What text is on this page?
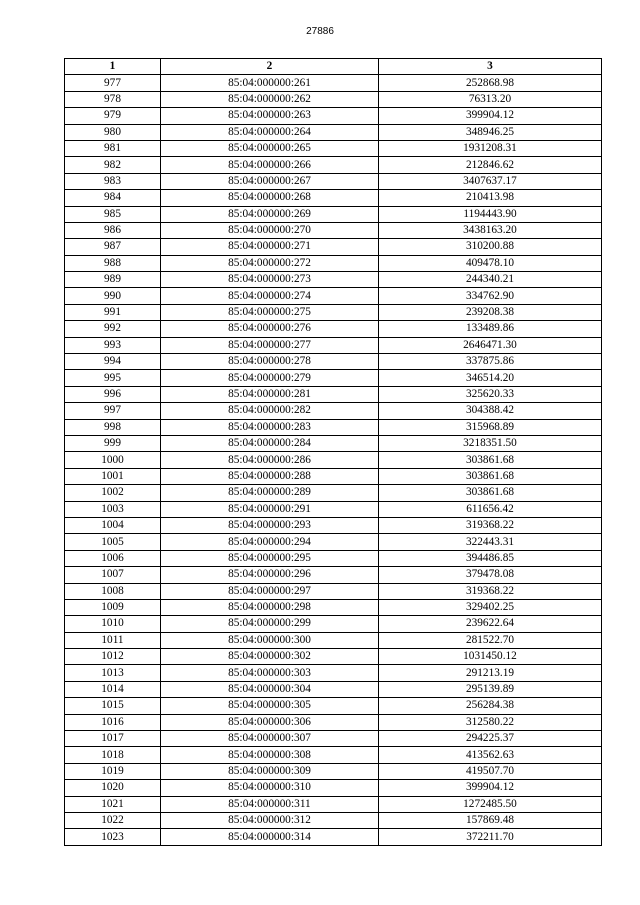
27886
1	2	3
977	85:04:000000:261	252868.98
978	85:04:000000:262	76313.20
979	85:04:000000:263	399904.12
980	85:04:000000:264	348946.25
981	85:04:000000:265	1931208.31
982	85:04:000000:266	212846.62
983	85:04:000000:267	3407637.17
984	85:04:000000:268	210413.98
985	85:04:000000:269	1194443.90
986	85:04:000000:270	3438163.20
987	85:04:000000:271	310200.88
988	85:04:000000:272	409478.10
989	85:04:000000:273	244340.21
990	85:04:000000:274	334762.90
991	85:04:000000:275	239208.38
992	85:04:000000:276	133489.86
993	85:04:000000:277	2646471.30
994	85:04:000000:278	337875.86
995	85:04:000000:279	346514.20
996	85:04:000000:281	325620.33
997	85:04:000000:282	304388.42
998	85:04:000000:283	315968.89
999	85:04:000000:284	3218351.50
1000	85:04:000000:286	303861.68
1001	85:04:000000:288	303861.68
1002	85:04:000000:289	303861.68
1003	85:04:000000:291	611656.42
1004	85:04:000000:293	319368.22
1005	85:04:000000:294	322443.31
1006	85:04:000000:295	394486.85
1007	85:04:000000:296	379478.08
1008	85:04:000000:297	319368.22
1009	85:04:000000:298	329402.25
1010	85:04:000000:299	239622.64
1011	85:04:000000:300	281522.70
1012	85:04:000000:302	1031450.12
1013	85:04:000000:303	291213.19
1014	85:04:000000:304	295139.89
1015	85:04:000000:305	256284.38
1016	85:04:000000:306	312580.22
1017	85:04:000000:307	294225.37
1018	85:04:000000:308	413562.63
1019	85:04:000000:309	419507.70
1020	85:04:000000:310	399904.12
1021	85:04:000000:311	1272485.50
1022	85:04:000000:312	157869.48
1023	85:04:000000:314	372211.70
